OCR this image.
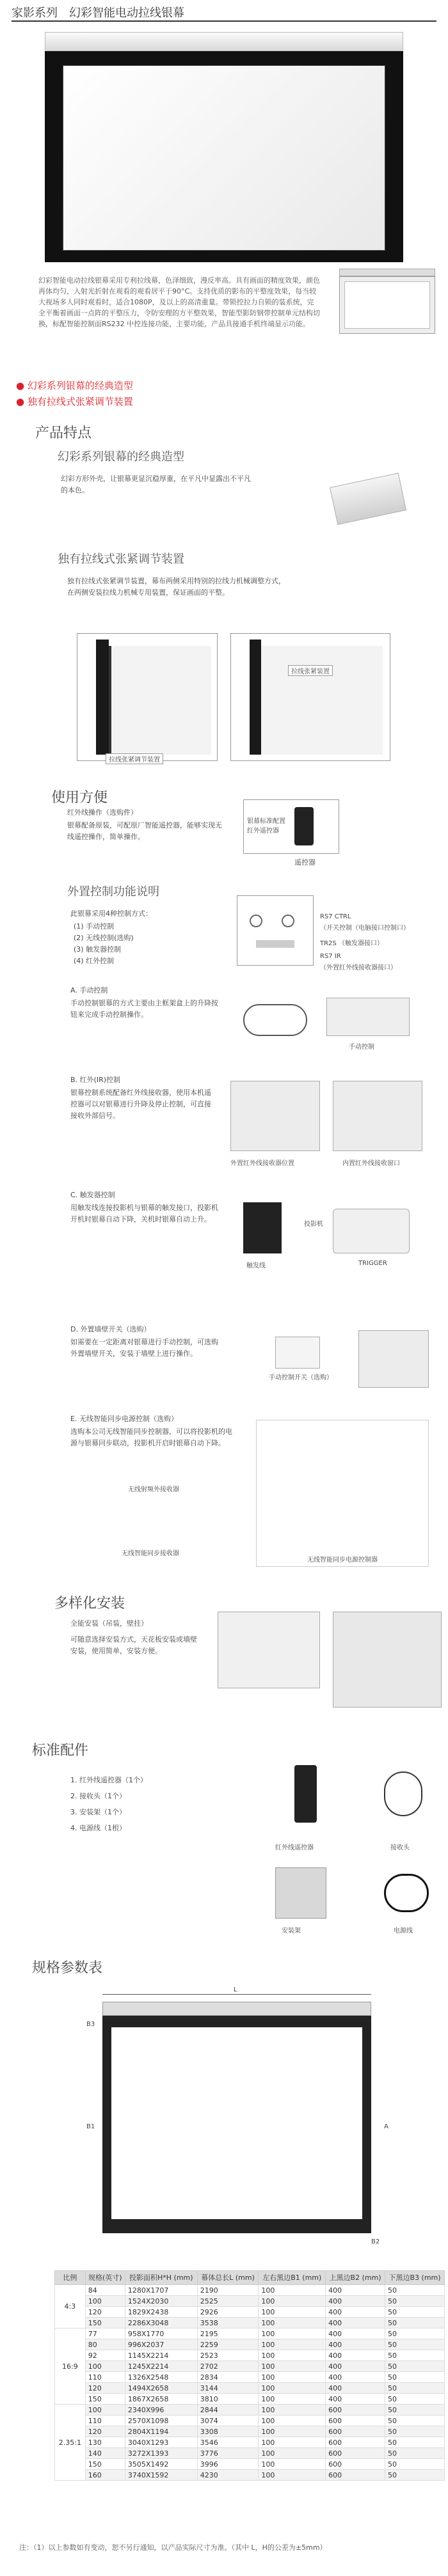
家影系列 幻彩智能电动拉线银幕
幻彩智能电动拉线银幕采用专利拉线幕，色泽细致，漫反率高。具有画面的精度效果，颜色再体均匀，入射光折射在观看的观看居平于90°C。支持优质的影布的平整度效果，每当较大视场多人同时观看时，适合1080P，及以上的高清重量。带锁控拉力自锁的装系统，完全平衡着画面一点阵的平整压力，令防安理的方平整效果，智能型影防钢带控制单元结构切换，标配智能控制面RS232 中控连接功能，主要功能，产品具接通手机终端显示功能。
● 幻彩系列银幕的经典造型
● 独有拉线式张紧调节装置
产品特点
幻彩系列银幕的经典造型
幻彩方形外壳，让银幕更显沉稳厚重，在平凡中显露出不平凡的本色。
独有拉线式张紧调节装置
独有拉线式张紧调节装置，幕布两侧采用特别的拉线力机械调整方式，在两侧安装拉线力机械专用装置，保证画面的平整。
拉线张紧调节装置
拉线张紧装置
使用方便
红外线操作（选购件）
银幕配备原装，可配原厂智能遥控器，能够实现无线遥控操作，简单操作。
银幕标准配置红外遥控器
遥控器
外置控制功能说明
此银幕采用4种控制方式：
(1) 手动控制
(2) 无线控制(选购)
(3) 触发器控制
(4) 红外控制
RS7 CTRL
（开关控制（电脑接口控制口）
TR2S （触发器接口）
RS7 IR
（外置红外线接收器接口）
A. 手动控制
手动控制银幕的方式主要由主框架盒上的升降按钮来完成手动控制操作。
手动控制
B. 红外(IR)控制
银幕控制系统配备红外线接收器，使用本机遥控器可以对银幕进行升降及停止控制，可直接接收外部信号。
外置红外线接收器位置	内置红外线接收窗口
C. 触发器控制
用触发线连接投影机与银幕的触发接口，投影机开机时银幕自动下降，关机时银幕自动上升。
投影机
触发线	TRIGGER
D. 外置墙壁开关（选购）
如需要在一定距离对银幕进行手动控制，可选购外置墙壁开关，安装于墙壁上进行操作。
手动控制开关（选购）
E. 无线智能同步电源控制（选购）
选购本公司无线智能同步控制器，可以将投影机的电源与银幕同步联动，投影机开启时银幕自动下降。
无线射频外接收器
无线智能同步接收器
无线智能同步电源控制器
多样化安装
全能安装（吊装，壁挂）
可随意选择安装方式，天花板安装或墙壁安装，使用简单，安装方便。
标准配件
1. 红外线遥控器（1个）
2. 接收头（1个）
3. 安装架（1个）
4. 电源线（1根）
红外线遥控器	接收头
安装架	电源线
规格参数表
L
B3
B1	A
B2
比例	规格(英寸)	投影面积H*H (mm)	幕体总长L (mm)	左右黑边B1 (mm)	上黑边B2 (mm)	下黑边B3 (mm)
4:3	84	1280X1707	2190	100	400	50
	100	1524X2030	2525	100	400	50
	120	1829X2438	2926	100	400	50
	150	2286X3048	3538	100	400	50
16:9	77	958X1770	2195	100	400	50
	80	996X2037	2259	100	400	50
	92	1145X2214	2523	100	400	50
	100	1245X2214	2702	100	400	50
	110	1326X2548	2834	100	400	50
	120	1494X2658	3144	100	400	50
	150	1867X2658	3810	100	400	50
2.35:1	100	2340X996	2844	100	600	50
	110	2570X1098	3074	100	600	50
	120	2804X1194	3308	100	600	50
	130	3040X1293	3546	100	600	50
	140	3272X1393	3776	100	600	50
	150	3505X1492	3996	100	600	50
	160	3740X1592	4230	100	600	50
注：（1）以上参数如有变动，恕不另行通知，以产品实际尺寸为准。（其中 L，H的公差为±5mm）
